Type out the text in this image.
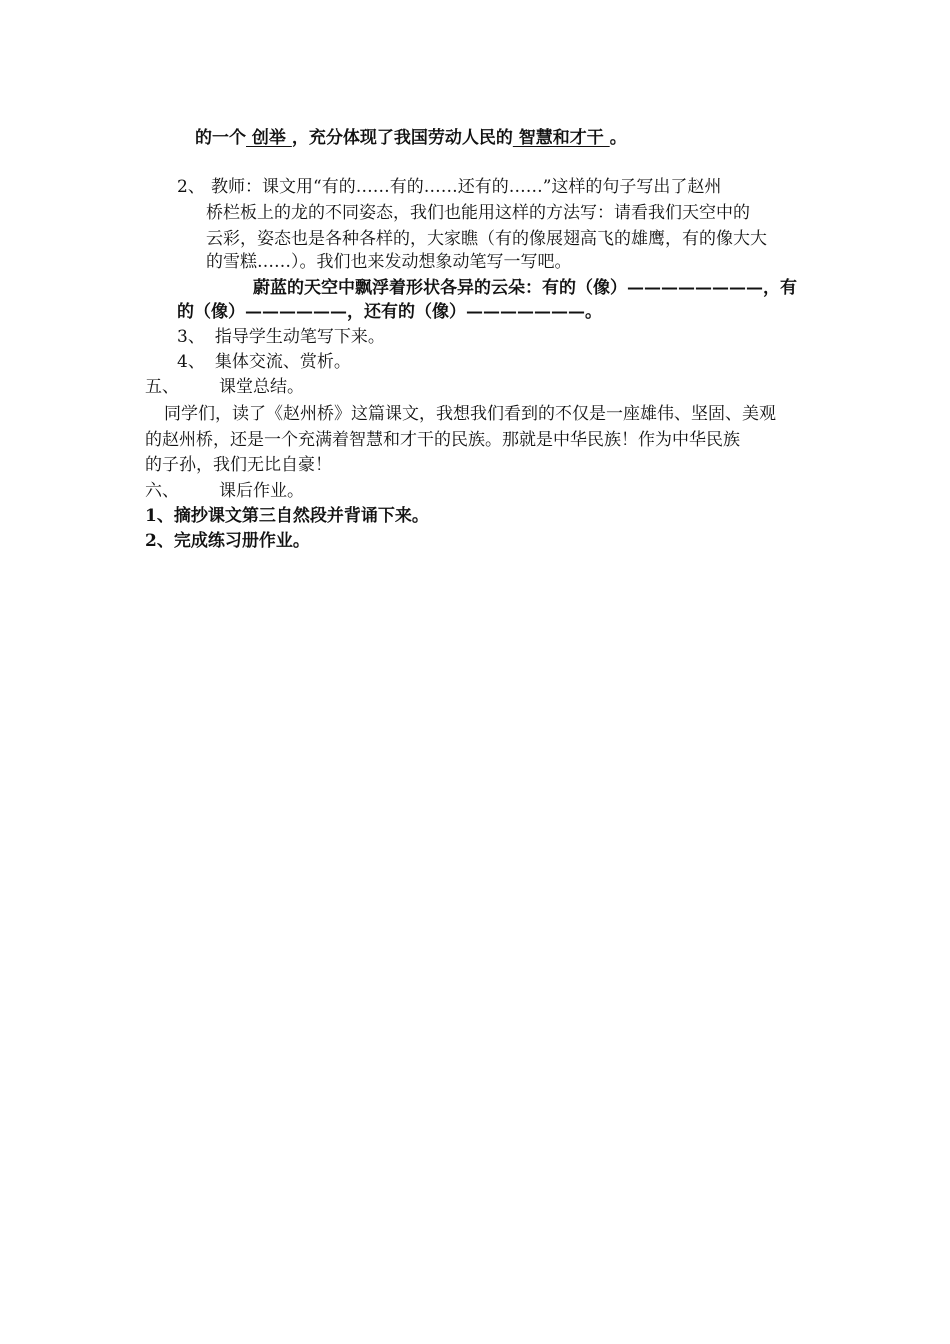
的一个 创举 ，充分体现了我国劳动人民的 智慧和才干 。
2、 教师：课文用“有的……有的……还有的……”这样的句子写出了赵州
桥栏板上的龙的不同姿态，我们也能用这样的方法写：请看我们天空中的
云彩，姿态也是各种各样的，大家瞧（有的像展翅高飞的雄鹰，有的像大大
的雪糕……）。我们也来发动想象动笔写一写吧。
蔚蓝的天空中飘浮着形状各异的云朵：有的（像）————————，有
的（像）——————，还有的（像）———————。
3、 指导学生动笔写下来。
4、 集体交流、赏析。
五、 课堂总结。
同学们，读了《赵州桥》这篇课文，我想我们看到的不仅是一座雄伟、坚固、美观
的赵州桥，还是一个充满着智慧和才干的民族。那就是中华民族！作为中华民族
的子孙，我们无比自豪！
六、 课后作业。
1、摘抄课文第三自然段并背诵下来。
2、完成练习册作业。
